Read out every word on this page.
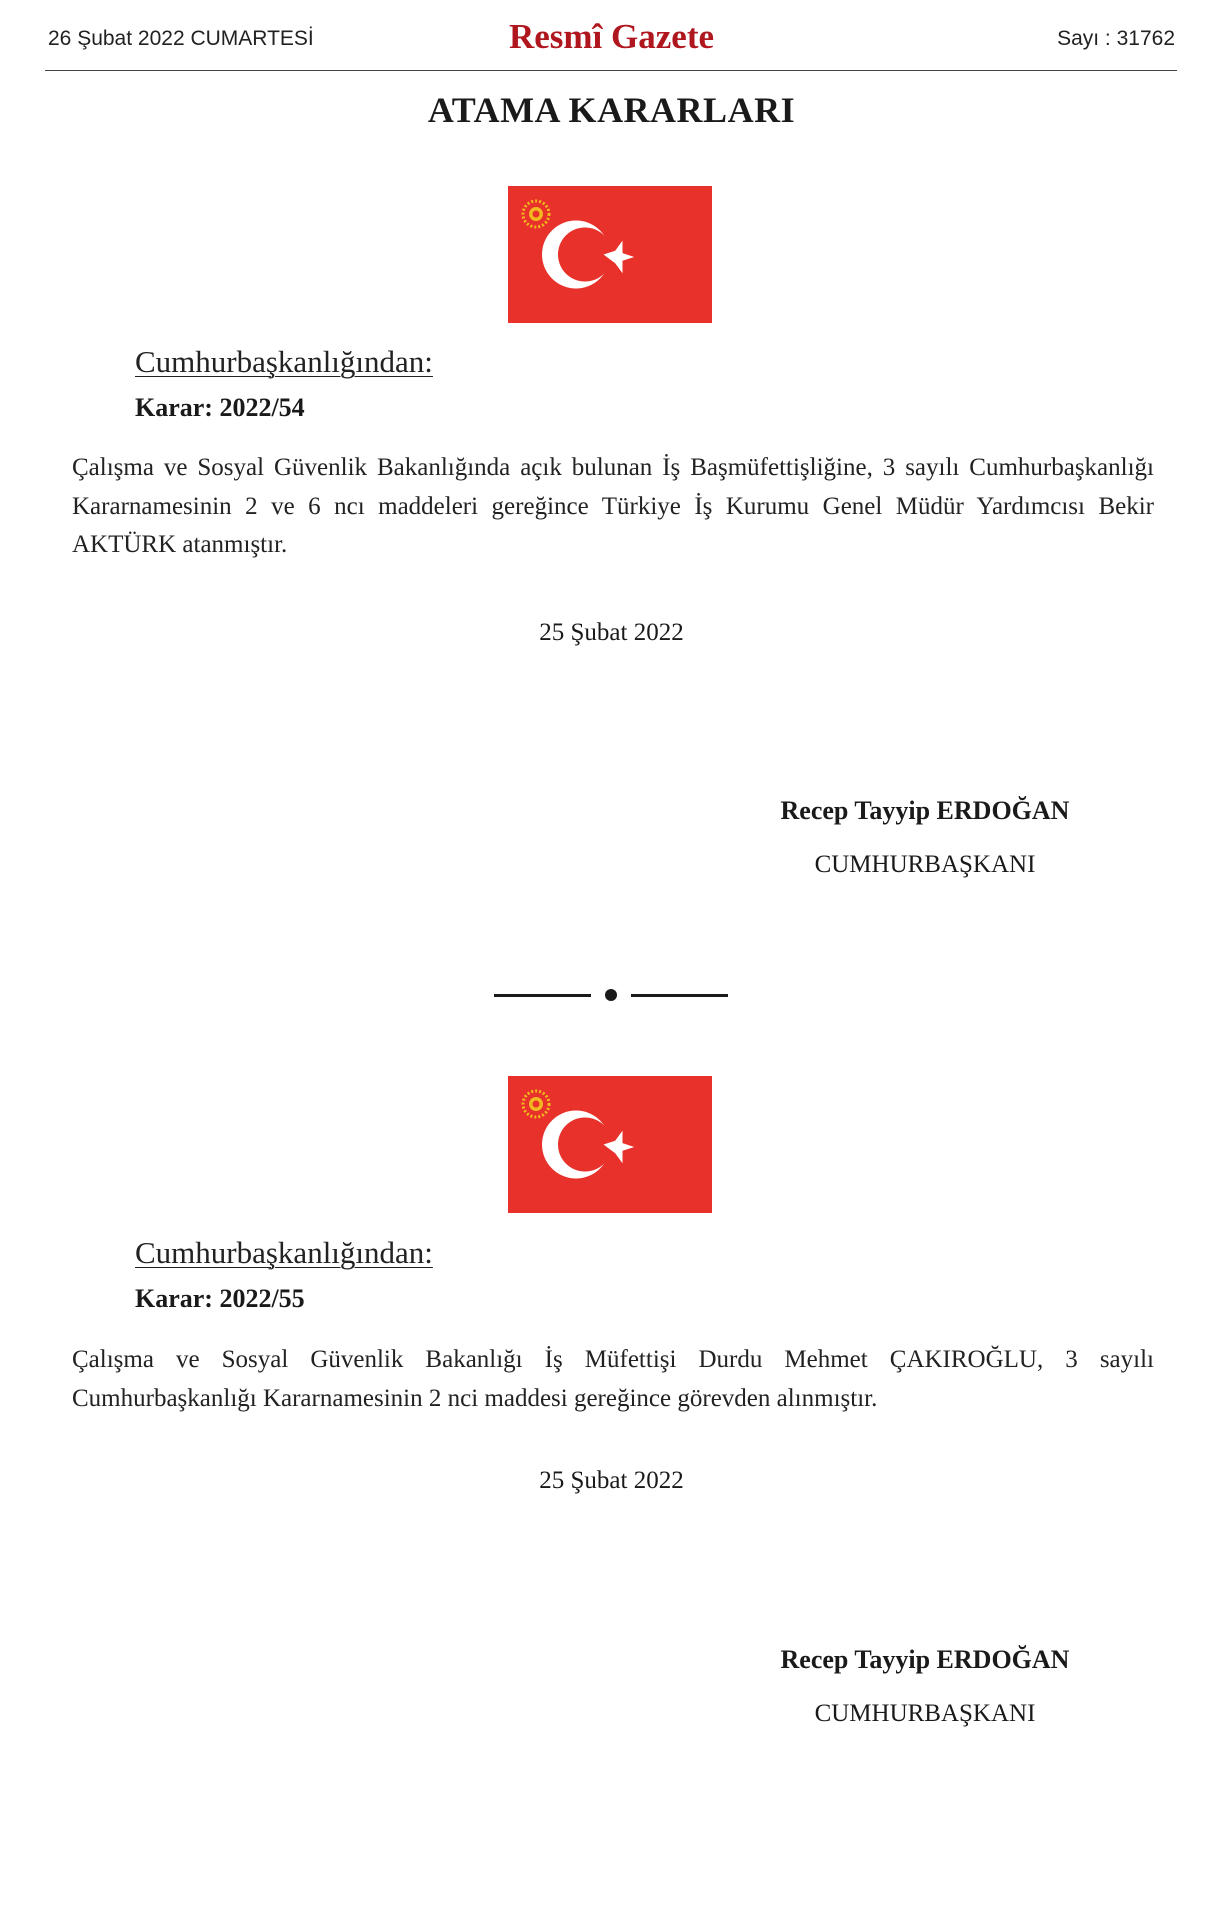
26 Şubat 2022 CUMARTESİ	Resmî Gazete	Sayı : 31762
ATAMA KARARLARI
Cumhurbaşkanlığından:
Karar: 2022/54
Çalışma ve Sosyal Güvenlik Bakanlığında açık bulunan İş Başmüfettişliğine, 3 sayılı Cumhurbaşkanlığı Kararnamesinin 2 ve 6 ncı maddeleri gereğince Türkiye İş Kurumu Genel Müdür Yardımcısı Bekir AKTÜRK atanmıştır.
25 Şubat 2022
Recep Tayyip ERDOĞAN
CUMHURBAŞKANI
Cumhurbaşkanlığından:
Karar: 2022/55
Çalışma ve Sosyal Güvenlik Bakanlığı İş Müfettişi Durdu Mehmet ÇAKIROĞLU, 3 sayılı Cumhurbaşkanlığı Kararnamesinin 2 nci maddesi gereğince görevden alınmıştır.
25 Şubat 2022
Recep Tayyip ERDOĞAN
CUMHURBAŞKANI
